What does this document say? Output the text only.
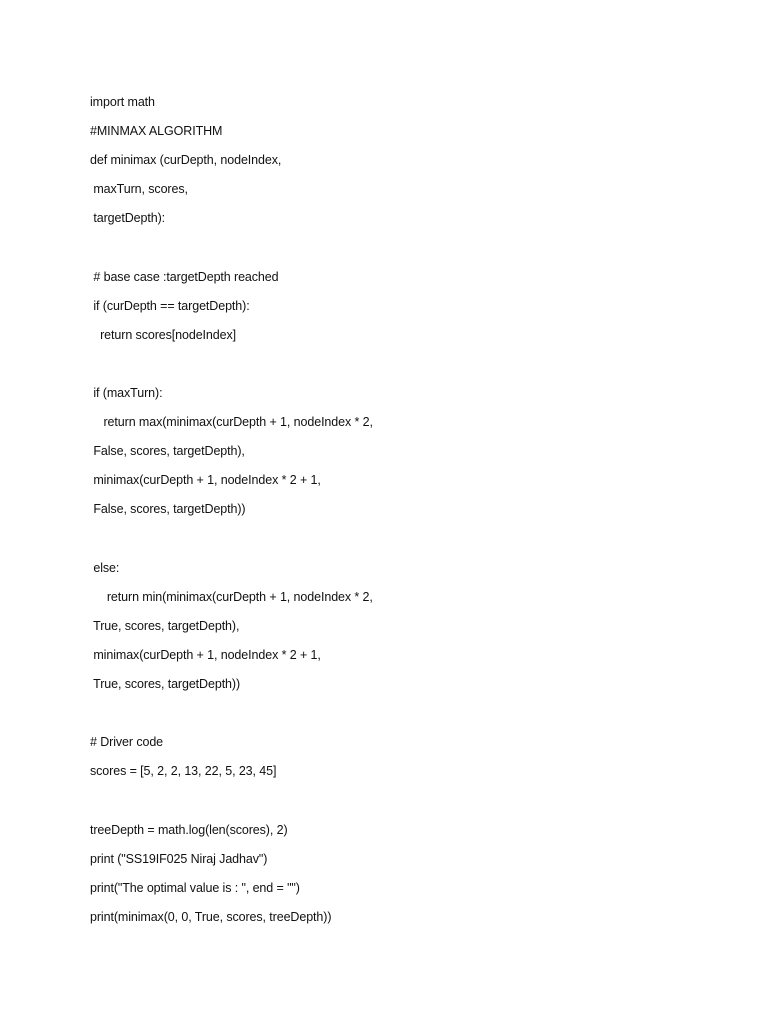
import math
#MINMAX ALGORITHM
def minimax (curDepth, nodeIndex,
maxTurn, scores,
targetDepth):
# base case :targetDepth reached
if (curDepth == targetDepth):
return scores[nodeIndex]
if (maxTurn):
return max(minimax(curDepth + 1, nodeIndex * 2,
False, scores, targetDepth),
minimax(curDepth + 1, nodeIndex * 2 + 1,
False, scores, targetDepth))
else:
return min(minimax(curDepth + 1, nodeIndex * 2,
True, scores, targetDepth),
minimax(curDepth + 1, nodeIndex * 2 + 1,
True, scores, targetDepth))
# Driver code
scores = [5, 2, 2, 13, 22, 5, 23, 45]
treeDepth = math.log(len(scores), 2)
print ("SS19IF025 Niraj Jadhav")
print("The optimal value is : ", end = "")
print(minimax(0, 0, True, scores, treeDepth))
